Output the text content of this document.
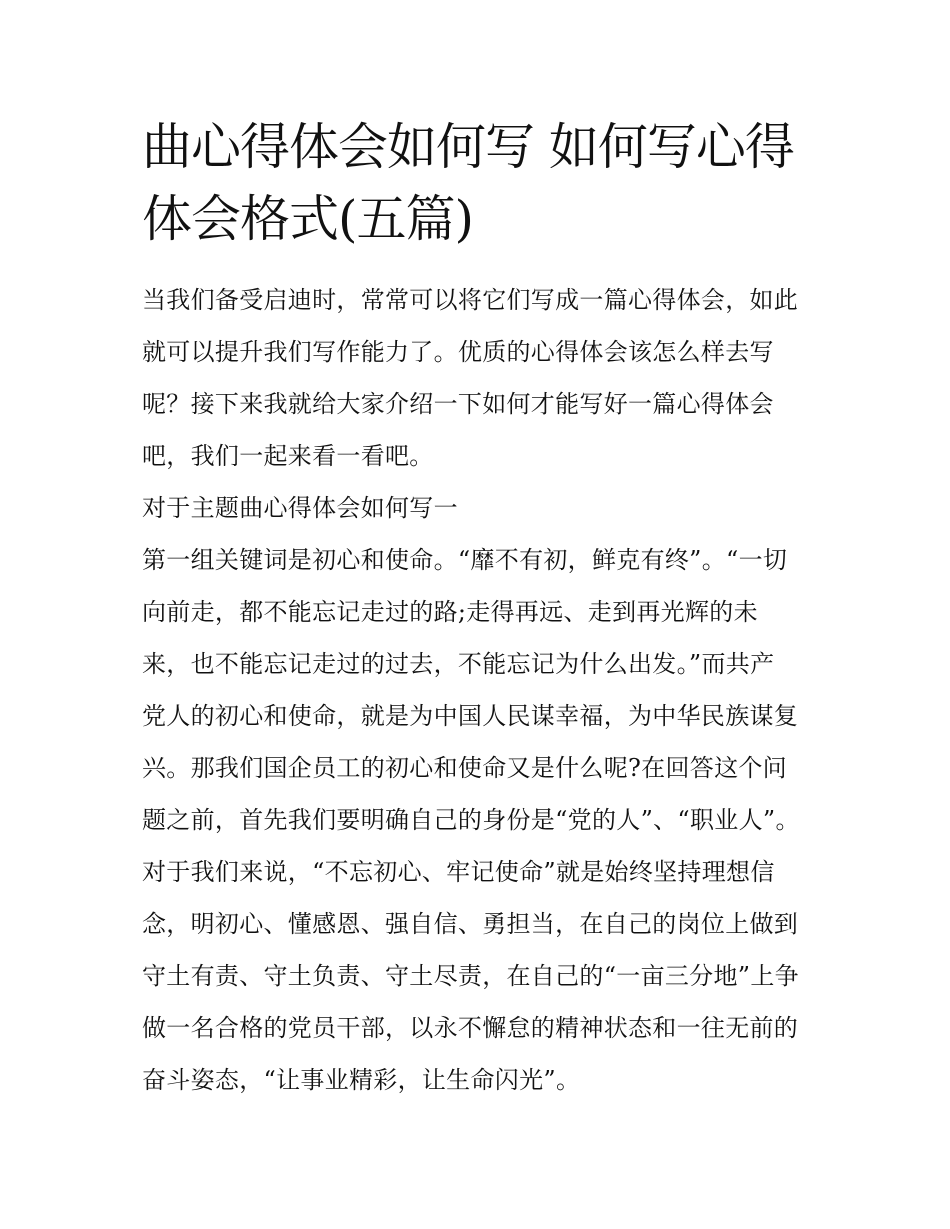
曲心得体会如何写 如何写心得
体会格式(五篇)
当我们备受启迪时，常常可以将它们写成一篇心得体会，如此
就可以提升我们写作能力了。优质的心得体会该怎么样去写
呢？接下来我就给大家介绍一下如何才能写好一篇心得体会
吧，我们一起来看一看吧。
对于主题曲心得体会如何写一
第一组关键词是初心和使命。“靡不有初，鲜克有终”。“一切
向前走，都不能忘记走过的路;走得再远、走到再光辉的未
来，也不能忘记走过的过去，不能忘记为什么出发。”而共产
党人的初心和使命，就是为中国人民谋幸福，为中华民族谋复
兴。那我们国企员工的初心和使命又是什么呢?在回答这个问
题之前，首先我们要明确自己的身份是“党的人”、“职业人”。
对于我们来说，“不忘初心、牢记使命”就是始终坚持理想信
念，明初心、懂感恩、强自信、勇担当，在自己的岗位上做到
守土有责、守土负责、守土尽责，在自己的“一亩三分地”上争
做一名合格的党员干部，以永不懈怠的精神状态和一往无前的
奋斗姿态，“让事业精彩，让生命闪光”。
